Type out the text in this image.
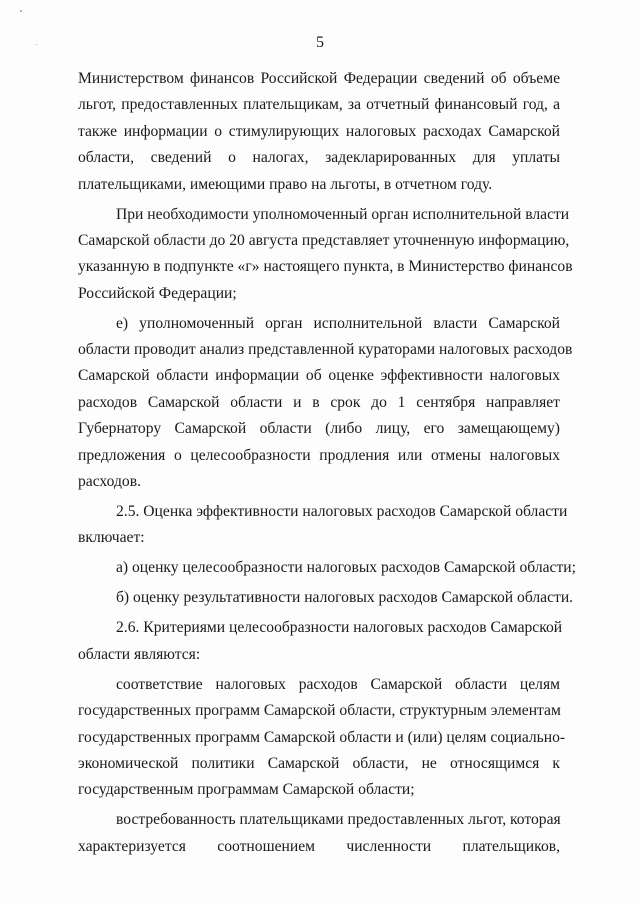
5

Министерством финансов Российской Федерации сведений об объеме
льгот, предоставленных плательщикам, за отчетный финансовый год, а
также информации о стимулирующих налоговых расходах Самарской
области, сведений о налогах, задекларированных для уплаты
плательщиками, имеющими право на льготы, в отчетном году.

При необходимости уполномоченный орган исполнительной власти
Самарской области до 20 августа представляет уточненную информацию,
указанную в подпункте «г» настоящего пункта, в Министерство финансов
Российской Федерации;

е) уполномоченный орган исполнительной власти Самарской
области проводит анализ представленной кураторами налоговых расходов
Самарской области информации об оценке эффективности налоговых
расходов Самарской области и в срок до 1 сентября направляет
Губернатору Самарской области (либо лицу, его замещающему)
предложения о целесообразности продления или отмены налоговых
расходов.

2.5. Оценка эффективности налоговых расходов Самарской области
включает:

а) оценку целесообразности налоговых расходов Самарской области;

б) оценку результативности налоговых расходов Самарской области.

2.6. Критериями целесообразности налоговых расходов Самарской
области являются:

соответствие налоговых расходов Самарской области целям
государственных программ Самарской области, структурным элементам
государственных программ Самарской области и (или) целям социально-
экономической политики Самарской области, не относящимся к
государственным программам Самарской области;

востребованность плательщиками предоставленных льгот, которая
характеризуется соотношением численности плательщиков,
